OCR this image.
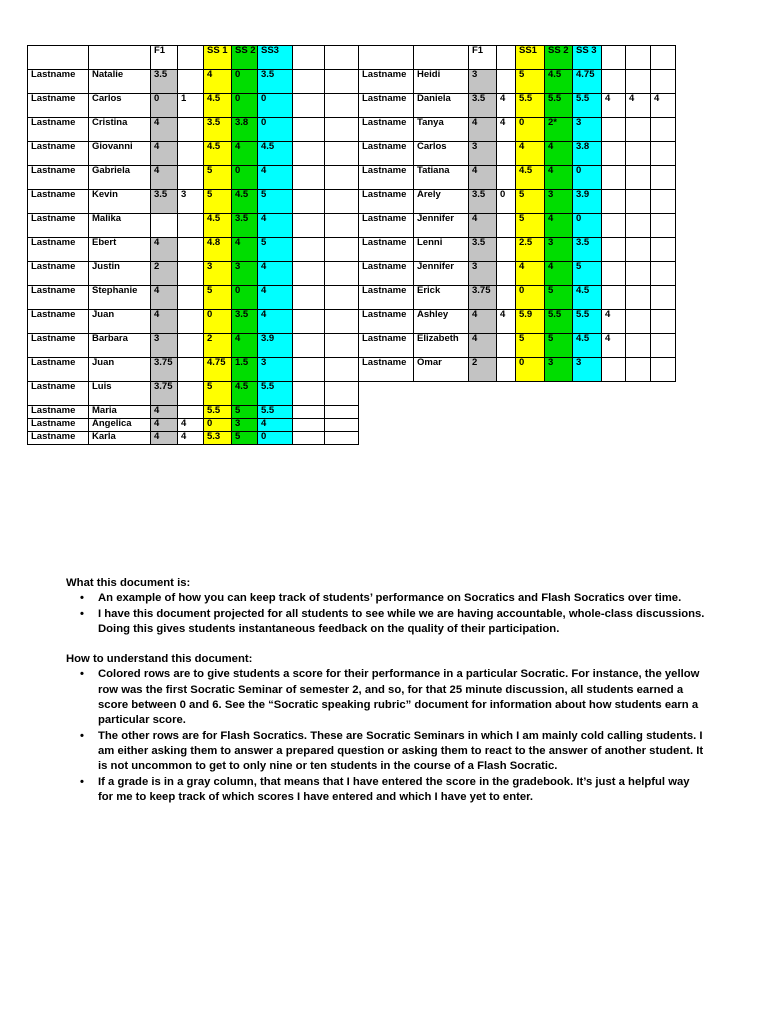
		F1		SS 1	SS 2	SS3		
Lastname	Natalie	3.5		4	0	3.5		
Lastname	Carlos	0	1	4.5	0	0		
Lastname	Cristina	4		3.5	3.8	0		
Lastname	Giovanni	4		4.5	4	4.5		
Lastname	Gabriela	4		5	0	4		
Lastname	Kevin	3.5	3	5	4.5	5		
Lastname	Malika			4.5	3.5	4		
Lastname	Ebert	4		4.8	4	5		
Lastname	Justin	2		3	3	4		
Lastname	Stephanie	4		5	0	4		
Lastname	Juan	4		0	3.5	4		
Lastname	Barbara	3		2	4	3.9		
Lastname	Juan	3.75		4.75	1.5	3		
Lastname	Luis	3.75		5	4.5	5.5		
Lastname	Maria	4		5.5	5	5.5		
Lastname	Angelica	4	4	0	3	4		
Lastname	Karla	4	4	5.3	5	0		
		F1		SS1	SS 2	SS 3			
Lastname	Heidi	3		5	4.5	4.75			
Lastname	Daniela	3.5	4	5.5	5.5	5.5	4	4	4
Lastname	Tanya	4	4	0	2*	3			
Lastname	Carlos	3		4	4	3.8			
Lastname	Tatiana	4		4.5	4	0			
Lastname	Arely	3.5	0	5	3	3.9			
Lastname	Jennifer	4		5	4	0			
Lastname	Lenni	3.5		2.5	3	3.5			
Lastname	Jennifer	3		4	4	5			
Lastname	Erick	3.75		0	5	4.5			
Lastname	Ashley	4	4	5.9	5.5	5.5	4		
Lastname	Elizabeth	4		5	5	4.5	4		
Lastname	Omar	2		0	3	3			
What this document is:
• An example of how you can keep track of students’ performance on Socratics and Flash Socratics over time.
• I have this document projected for all students to see while we are having accountable, whole-class discussions. Doing this gives students instantaneous feedback on the quality of their participation.
How to understand this document:
• Colored rows are to give students a score for their performance in a particular Socratic. For instance, the yellow row was the first Socratic Seminar of semester 2, and so, for that 25 minute discussion, all students earned a score between 0 and 6. See the “Socratic speaking rubric” document for information about how students earn a particular score.
• The other rows are for Flash Socratics. These are Socratic Seminars in which I am mainly cold calling students. I am either asking them to answer a prepared question or asking them to react to the answer of another student. It is not uncommon to get to only nine or ten students in the course of a Flash Socratic.
• If a grade is in a gray column, that means that I have entered the score in the gradebook. It’s just a helpful way for me to keep track of which scores I have entered and which I have yet to enter.
